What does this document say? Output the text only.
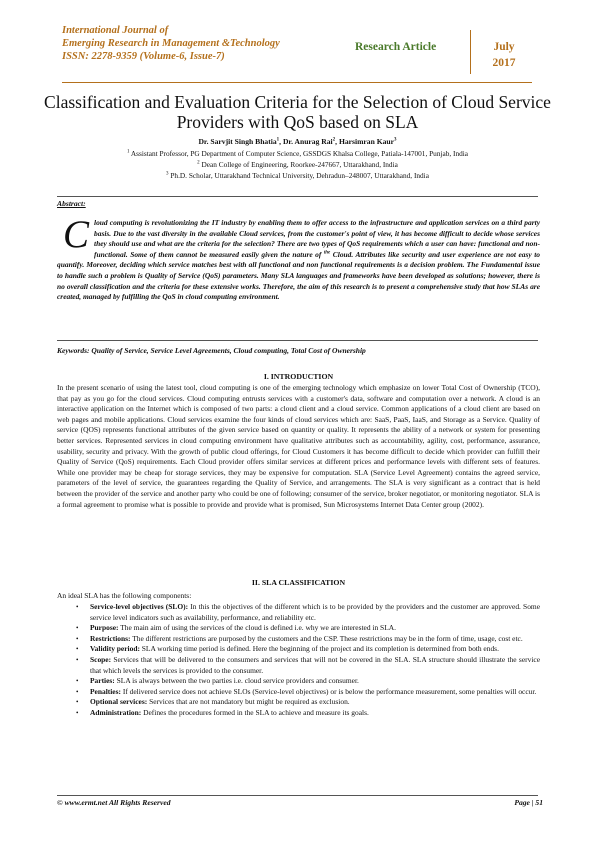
International Journal of
Emerging Research in Management &Technology
ISSN: 2278-9359 (Volume-6, Issue-7)
Research Article	July
2017
Classification and Evaluation Criteria for the Selection of Cloud Service Providers with QoS based on SLA
Dr. Sarvjit Singh Bhatia$^1$, Dr. Anurag Rai$^2$, Harsimran Kaur$^3$
$^1$ Assistant Professor, PG Department of Computer Science, GSSDGS Khalsa College, Patiala-147001, Punjab, India
$^2$ Dean College of Engineering, Roorkee-247667, Uttarakhand, India
$^3$ Ph.D. Scholar, Uttarakhand Technical University, Dehradun–248007, Uttarakhand, India
Abstract:
Cloud computing is revolutionizing the IT industry by enabling them to offer access to the infrastructure and application services on a third party basis. Due to the vast diversity in the available Cloud services, from the customer's point of view, it has become difficult to decide whose services they should use and what are the criteria for the selection? There are two types of QoS requirements which a user can have: functional and non-functional. Some of them cannot be measured easily given the nature of $^{the}$ Cloud. Attributes like security and user experience are not easy to quantify. Moreover, deciding which service matches best with all functional and non functional requirements is a decision problem. The Fundamental issue to handle such a problem is Quality of Service (QoS) parameters. Many SLA languages and frameworks have been developed as solutions; however, there is no overall classification and the criteria for these extensive works. Therefore, the aim of this research is to present a comprehensive study that how SLAs are created, managed by fulfilling the QoS in cloud computing environment.
Keywords: Quality of Service, Service Level Agreements, Cloud computing, Total Cost of Ownership
I. INTRODUCTION
In the present scenario of using the latest tool, cloud computing is one of the emerging technology which emphasize on lower Total Cost of Ownership (TCO), that pay as you go for the cloud services. Cloud computing entrusts services with a customer's data, software and computation over a network. A cloud is an interactive application on the Internet which is composed of two parts: a cloud client and a cloud service. Common applications of a cloud client are based on web pages and mobile applications. Cloud services examine the four kinds of cloud services which are: SaaS, PaaS, IaaS, and Storage as a Service. Quality of service (QOS) represents functional attributes of the given service based on quantity or quality. It represents the ability of a network or system for presenting better services. Represented services in cloud computing environment have qualitative attributes such as accountability, agility, cost, performance, assurance, usability, security and privacy. With the growth of public cloud offerings, for Cloud Customers it has become difficult to decide which provider can fulfill their Quality of Service (QoS) requirements. Each Cloud provider offers similar services at different prices and performance levels with different sets of features. While one provider may be cheap for storage services, they may be expensive for computation. SLA (Service Level Agreement) contains the agreed service, parameters of the level of service, the guarantees regarding the Quality of Service, and arrangements. The SLA is very significant as a contract that is held between the provider of the service and another party who could be one of following; consumer of the service, broker negotiator, or monitoring negotiator. SLA is a formal agreement to promise what is possible to provide and provide what is promised, Sun Microsystems Internet Data Center group (2002).
II. SLA CLASSIFICATION
An ideal SLA has the following components:
• Service-level objectives (SLO): In this the objectives of the different which is to be provided by the providers and the customer are approved. Some service level indicators such as availability, performance, and reliability etc.
• Purpose: The main aim of using the services of the cloud is defined i.e. why we are interested in SLA.
• Restrictions: The different restrictions are purposed by the customers and the CSP. These restrictions may be in the form of time, usage, cost etc.
• Validity period: SLA working time period is defined. Here the beginning of the project and its completion is determined from both ends.
• Scope: Services that will be delivered to the consumers and services that will not be covered in the SLA. SLA structure should illustrate the service that which levels the services is provided to the consumer.
• Parties: SLA is always between the two parties i.e. cloud service providers and consumer.
• Penalties: If delivered service does not achieve SLOs (Service-level objectives) or is below the performance measurement, some penalties will occur.
• Optional services: Services that are not mandatory but might be required as exclusion.
• Administration: Defines the procedures formed in the SLA to achieve and measure its goals.
© www.ermt.net All Rights Reserved	Page | 51
